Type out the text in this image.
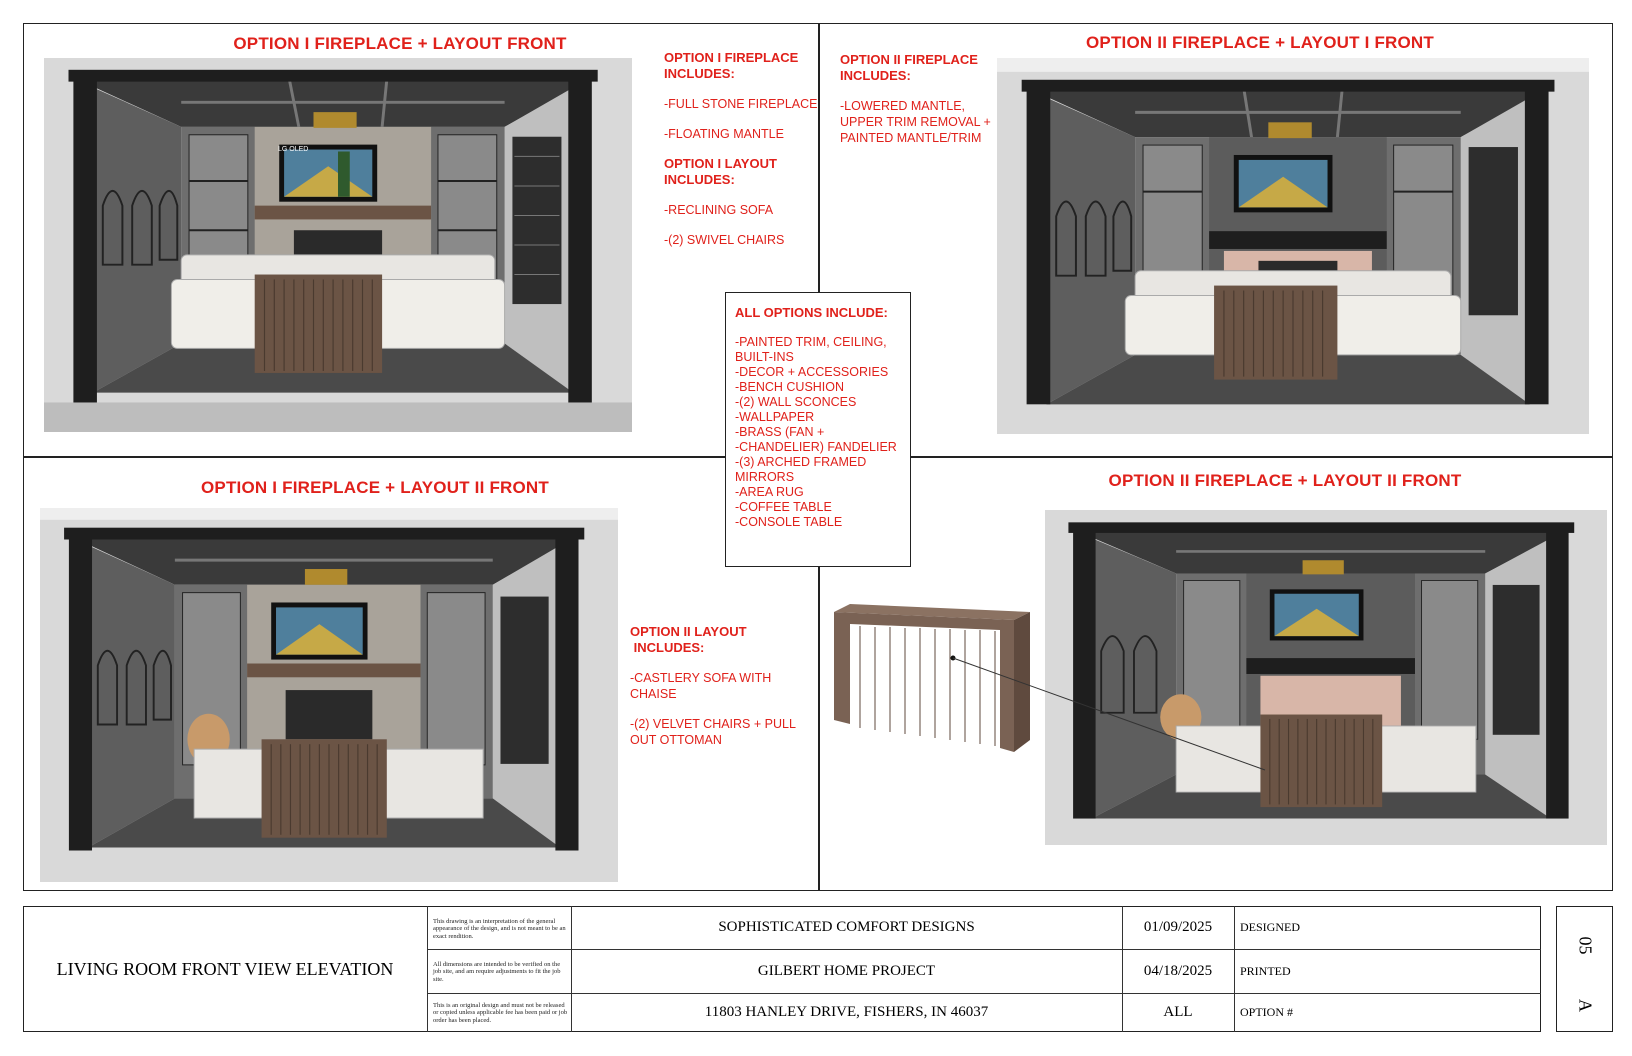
OPTION I FIREPLACE + LAYOUT FRONT	OPTION II FIREPLACE + LAYOUT I FRONT
OPTION I FIREPLACE + LAYOUT II FRONT	OPTION II FIREPLACE + LAYOUT II FRONT
LG OLED
OPTION I FIREPLACE
INCLUDES:
-FULL STONE FIREPLACE
-FLOATING MANTLE
OPTION I LAYOUT
INCLUDES:
-RECLINING SOFA
-(2) SWIVEL CHAIRS
OPTION II FIREPLACE
INCLUDES:
-LOWERED MANTLE,
UPPER TRIM REMOVAL +
PAINTED MANTLE/TRIM
OPTION II LAYOUT
INCLUDES:
-CASTLERY SOFA WITH CHAISE
-(2) VELVET CHAIRS + PULL
OUT OTTOMAN
ALL OPTIONS INCLUDE:
-PAINTED TRIM, CEILING,
BUILT-INS
-DECOR + ACCESSORIES
-BENCH CUSHION
-(2) WALL SCONCES
-WALLPAPER
-BRASS (FAN +
-CHANDELIER) FANDELIER
-(3) ARCHED FRAMED
MIRRORS
-AREA RUG
-COFFEE TABLE
-CONSOLE TABLE
LIVING ROOM FRONT VIEW ELEVATION
This drawing is an interpretation of the general appearance of the design, and is not meant to be an exact rendition.
All dimensions are intended to be verified on the job site, and am require adjustments to fit the job site.
This is an original design and must not be released or copied unless applicable fee has been paid or job order has been placed.
SOPHISTICATED COMFORT DESIGNS
GILBERT HOME PROJECT
11803 HANLEY DRIVE, FISHERS, IN 46037
01/09/2025
04/18/2025
ALL
DESIGNED
PRINTED
OPTION #
05
A
